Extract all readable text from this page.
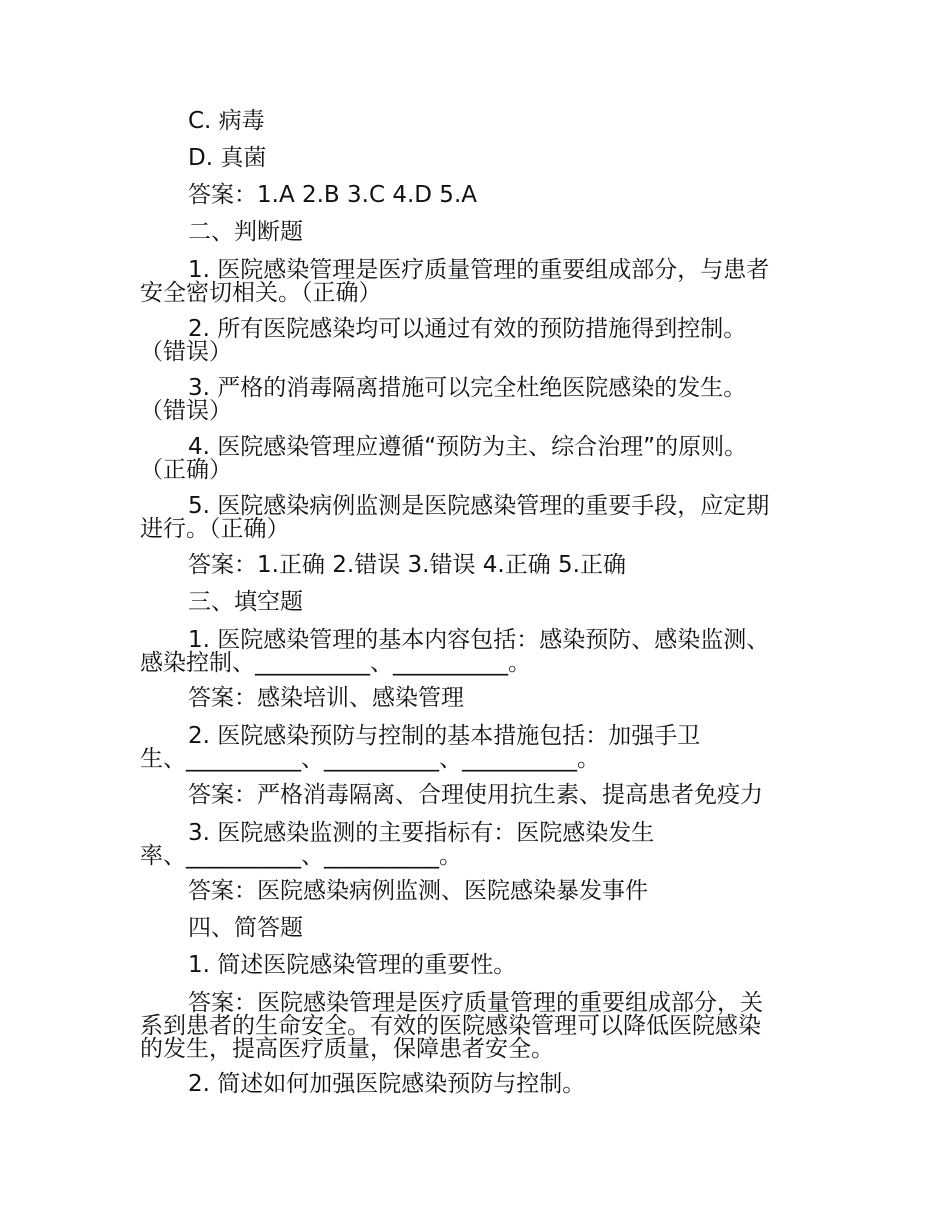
C. 病毒
D. 真菌
答案：1.A 2.B 3.C 4.D 5.A
二、判断题
1. 医院感染管理是医疗质量管理的重要组成部分，与患者
安全密切相关。（正确）
2. 所有医院感染均可以通过有效的预防措施得到控制。
（错误）
3. 严格的消毒隔离措施可以完全杜绝医院感染的发生。
（错误）
4. 医院感染管理应遵循“预防为主、综合治理”的原则。
（正确）
5. 医院感染病例监测是医院感染管理的重要手段，应定期
进行。（正确）
答案：1.正确 2.错误 3.错误 4.正确 5.正确
三、填空题
1. 医院感染管理的基本内容包括：感染预防、感染监测、
感染控制、__________、__________。
答案：感染培训、感染管理
2. 医院感染预防与控制的基本措施包括：加强手卫
生、__________、__________、__________。
答案：严格消毒隔离、合理使用抗生素、提高患者免疫力
3. 医院感染监测的主要指标有：医院感染发生
率、__________、__________。
答案：医院感染病例监测、医院感染暴发事件
四、简答题
1. 简述医院感染管理的重要性。
答案：医院感染管理是医疗质量管理的重要组成部分，关
系到患者的生命安全。有效的医院感染管理可以降低医院感染
的发生，提高医疗质量，保障患者安全。
2. 简述如何加强医院感染预防与控制。
